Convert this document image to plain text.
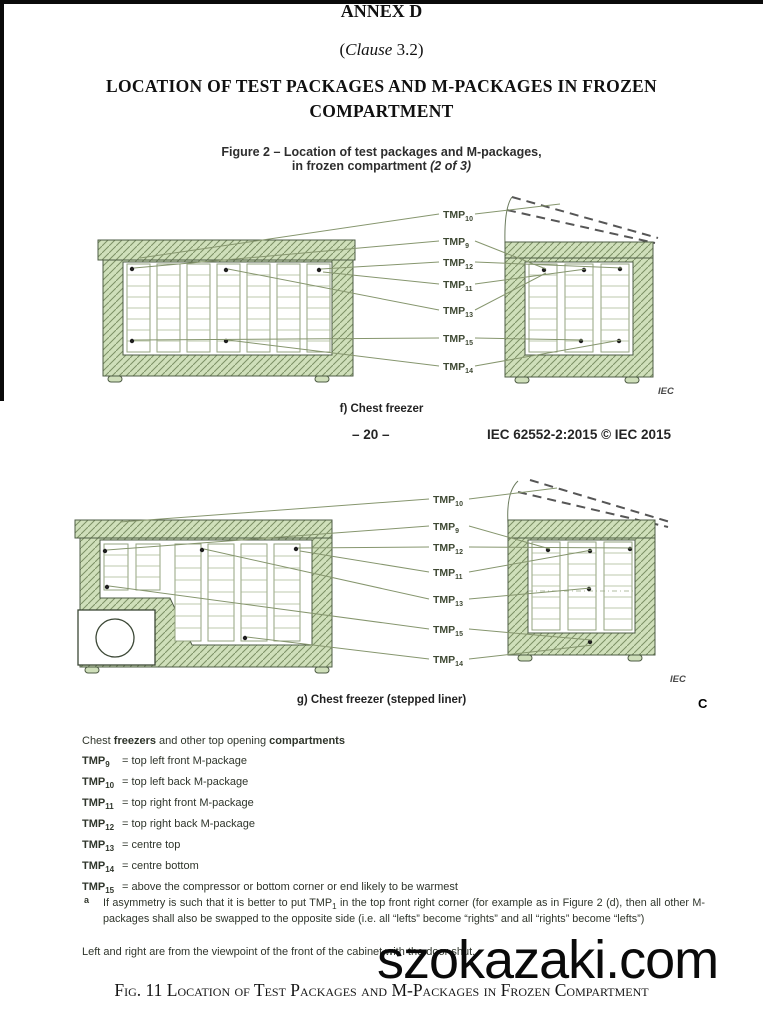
ANNEX D
(Clause 3.2)
LOCATION OF TEST PACKAGES AND M-PACKAGES IN FROZEN
COMPARTMENT
Figure 2 – Location of test packages and M-packages,
in frozen compartment (2 of 3)
$TMP_{10}$
$TMP_9$
$TMP_{12}$
$TMP_{11}$
$TMP_{13}$
$TMP_{15}$
$TMP_{14}$
IEC
f) Chest freezer
– 20 –	IEC 62552-2:2015 © IEC 2015
$TMP_{10}$
$TMP_9$
$TMP_{12}$
$TMP_{11}$
$TMP_{13}$
$TMP_{15}$
$TMP_{14}$
IEC
g) Chest freezer (stepped liner)	C
Chest freezers and other top opening compartments
$TMP_9$ = top left front M-package
$TMP_{10}$ = top left back M-package
$TMP_{11}$ = top right front M-package
$TMP_{12}$ = top right back M-package
$TMP_{13}$ = centre top
$TMP_{14}$ = centre bottom
$TMP_{15}$ = above the compressor or bottom corner or end likely to be warmest
a If asymmetry is such that it is better to put $TMP_1$ in the top front right corner (for example as in Figure 2 (d), then all other M-packages shall also be swapped to the opposite side (i.e. all “lefts” become “rights” and all “rights” become “lefts”)
Left and right are from the viewpoint of the front of the cabinet with the door shut.
szokazaki.com
Fig. 11 Location of Test Packages and M-Packages in Frozen Compartment
